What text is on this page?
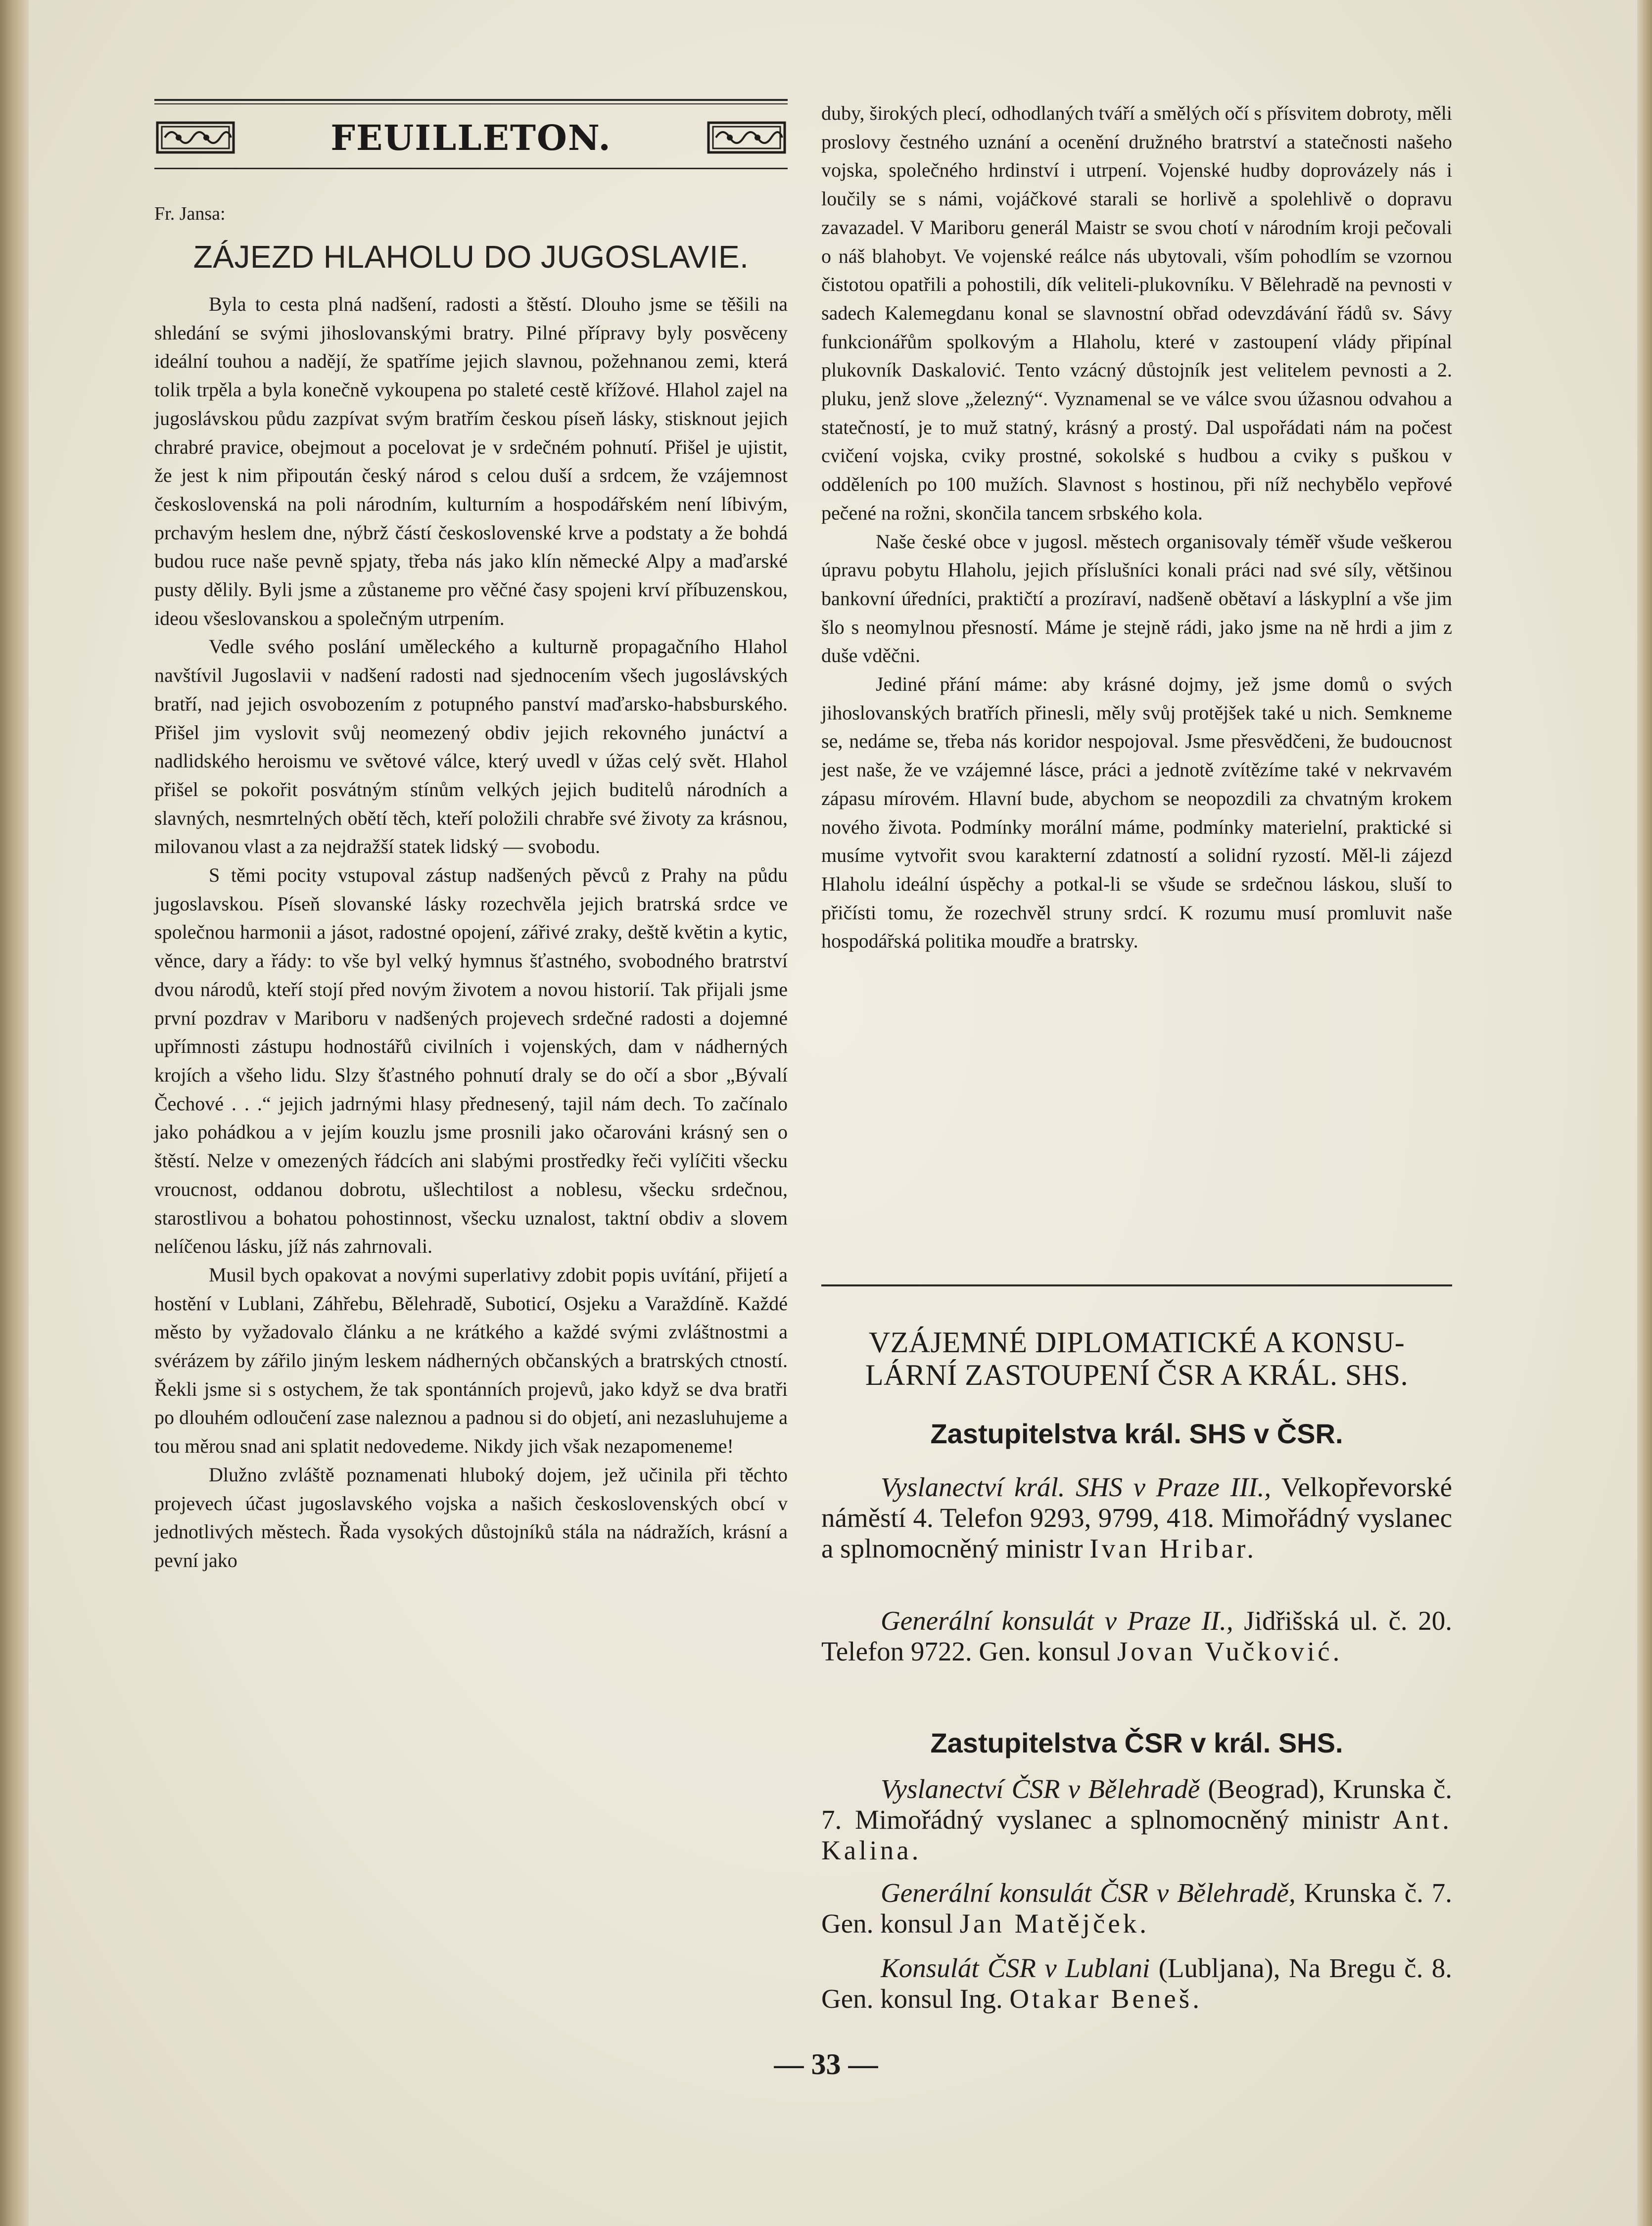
FEUILLETON.
Fr. Jansa:
ZÁJEZD HLAHOLU DO JUGOSLAVIE.

Byla to cesta plná nadšení, radosti a štěstí. Dlouho jsme se těšili na shledání se svými jihoslovanskými bratry. Pilné přípravy byly posvěceny ideální touhou a nadějí, že spatříme jejich slavnou, požehnanou zemi, která tolik trpěla a byla konečně vykoupena po staleté cestě křížové. Hlahol zajel na jugoslávskou půdu zazpívat svým bratřím českou píseň lásky, stisknout jejich chrabré pravice, obejmout a pocelovat je v srdečném pohnutí. Přišel je ujistit, že jest k nim připoután český národ s celou duší a srdcem, že vzájemnost československá na poli národním, kulturním a hospodářském není líbivým, prchavým heslem dne, nýbrž částí československé krve a podstaty a že bohdá budou ruce naše pevně spjaty, třeba nás jako klín německé Alpy a maďarské pusty dělily. Byli jsme a zůstaneme pro věčné časy spojeni krví příbuzenskou, ideou všeslovanskou a společným utrpením.

Vedle svého poslání uměleckého a kulturně propagačního Hlahol navštívil Jugoslavii v nadšení radosti nad sjednocením všech jugoslávských bratří, nad jejich osvobozením z potupného panství maďarsko-habsburského. Přišel jim vyslovit svůj neomezený obdiv jejich rekovného junáctví a nadlidského heroismu ve světové válce, který uvedl v úžas celý svět. Hlahol přišel se pokořit posvátným stínům velkých jejich buditelů národních a slavných, nesmrtelných obětí těch, kteří položili chrabře své životy za krásnou, milovanou vlast a za nejdražší statek lidský — svobodu.

S těmi pocity vstupoval zástup nadšených pěvců z Prahy na půdu jugoslavskou. Píseň slovanské lásky rozechvěla jejich bratrská srdce ve společnou harmonii a jásot, radostné opojení, zářivé zraky, deště květin a kytic, věnce, dary a řády: to vše byl velký hymnus šťastného, svobodného bratrství dvou národů, kteří stojí před novým životem a novou historií. Tak přijali jsme první pozdrav v Mariboru v nadšených projevech srdečné radosti a dojemné upřímnosti zástupu hodnostářů civilních i vojenských, dam v nádherných krojích a všeho lidu. Slzy šťastného pohnutí draly se do očí a sbor „Bývalí Čechové . . .“ jejich jadrnými hlasy přednesený, tajil nám dech. To začínalo jako pohádkou a v jejím kouzlu jsme prosnili jako očarováni krásný sen o štěstí. Nelze v omezených řádcích ani slabými prostředky řeči vylíčiti všecku vroucnost, oddanou dobrotu, ušlechtilost a noblesu, všecku srdečnou, starostlivou a bohatou pohostinnost, všecku uznalost, taktní obdiv a slovem nelíčenou lásku, jíž nás zahrnovali.

Musil bych opakovat a novými superlativy zdobit popis uvítání, přijetí a hostění v Lublani, Záhřebu, Bělehradě, Suboticí, Osjeku a Varaždíně. Každé město by vyžadovalo článku a ne krátkého a každé svými zvláštnostmi a svérázem by zářilo jiným leskem nádherných občanských a bratrských ctností. Řekli jsme si s ostychem, že tak spontánních projevů, jako když se dva bratři po dlouhém odloučení zase naleznou a padnou si do objetí, ani nezasluhujeme a tou měrou snad ani splatit nedovedeme. Nikdy jich však nezapomeneme!

Dlužno zvláště poznamenati hluboký dojem, jež učinila při těchto projevech účast jugoslavského vojska a našich československých obcí v jednotlivých městech. Řada vysokých důstojníků stála na nádražích, krásní a pevní jako

duby, širokých plecí, odhodlaných tváří a smělých očí s přísvitem dobroty, měli proslovy čestného uznání a ocenění družného bratrství a statečnosti našeho vojska, společného hrdinství i utrpení. Vojenské hudby doprovázely nás i loučily se s námi, vojáčkové starali se horlivě a spolehlivě o dopravu zavazadel. V Mariboru generál Maistr se svou chotí v národním kroji pečovali o náš blahobyt. Ve vojenské reálce nás ubytovali, vším pohodlím se vzornou čistotou opatřili a pohostili, dík veliteli-plukovníku. V Bělehradě na pevnosti v sadech Kalemegdanu konal se slavnostní obřad odevzdávání řádů sv. Sávy funkcionářům spolkovým a Hlaholu, které v zastoupení vlády připínal plukovník Daskalović. Tento vzácný důstojník jest velitelem pevnosti a 2. pluku, jenž slove „železný“. Vyznamenal se ve válce svou úžasnou odvahou a statečností, je to muž statný, krásný a prostý. Dal uspořádati nám na počest cvičení vojska, cviky prostné, sokolské s hudbou a cviky s puškou v odděleních po 100 mužích. Slavnost s hostinou, při níž nechybělo vepřové pečené na rožni, skončila tancem srbského kola.

Naše české obce v jugosl. městech organisovaly téměř všude veškerou úpravu pobytu Hlaholu, jejich příslušníci konali práci nad své síly, většinou bankovní úředníci, praktičtí a prozíraví, nadšeně obětaví a láskyplní a vše jim šlo s neomylnou přesností. Máme je stejně rádi, jako jsme na ně hrdi a jim z duše vděčni.

Jediné přání máme: aby krásné dojmy, jež jsme domů o svých jihoslovanských bratřích přinesli, měly svůj protějšek také u nich. Semkneme se, nedáme se, třeba nás koridor nespojoval. Jsme přesvědčeni, že budoucnost jest naše, že ve vzájemné lásce, práci a jednotě zvítězíme také v nekrvavém zápasu mírovém. Hlavní bude, abychom se neopozdili za chvatným krokem nového života. Podmínky morální máme, podmínky materielní, praktické si musíme vytvořit svou karakterní zdatností a solidní ryzostí. Měl-li zájezd Hlaholu ideální úspěchy a potkal-li se všude se srdečnou láskou, sluší to přičísti tomu, že rozechvěl struny srdcí. K rozumu musí promluvit naše hospodářská politika moudře a bratrsky.

VZÁJEMNÉ DIPLOMATICKÉ A KONSU-
LÁRNÍ ZASTOUPENÍ ČSR A KRÁL. SHS.
Zastupitelstva král. SHS v ČSR.
Vyslanectví král. SHS v Praze III., Velkopřevorské náměstí 4. Telefon 9293, 9799, 418. Mimořádný vyslanec a splnomocněný ministr Ivan Hribar.
Generální konsulát v Praze II., Jidřišská ul. č. 20. Telefon 9722. Gen. konsul Jovan Vučković.
Zastupitelstva ČSR v král. SHS.
Vyslanectví ČSR v Bělehradě (Beograd), Krunska č. 7. Mimořádný vyslanec a splnomocněný ministr Ant. Kalina.
Generální konsulát ČSR v Bělehradě, Krunska č. 7. Gen. konsul Jan Matějček.
Konsulát ČSR v Lublani (Lubljana), Na Bregu č. 8. Gen. konsul Ing. Otakar Beneš.
— 33 —
